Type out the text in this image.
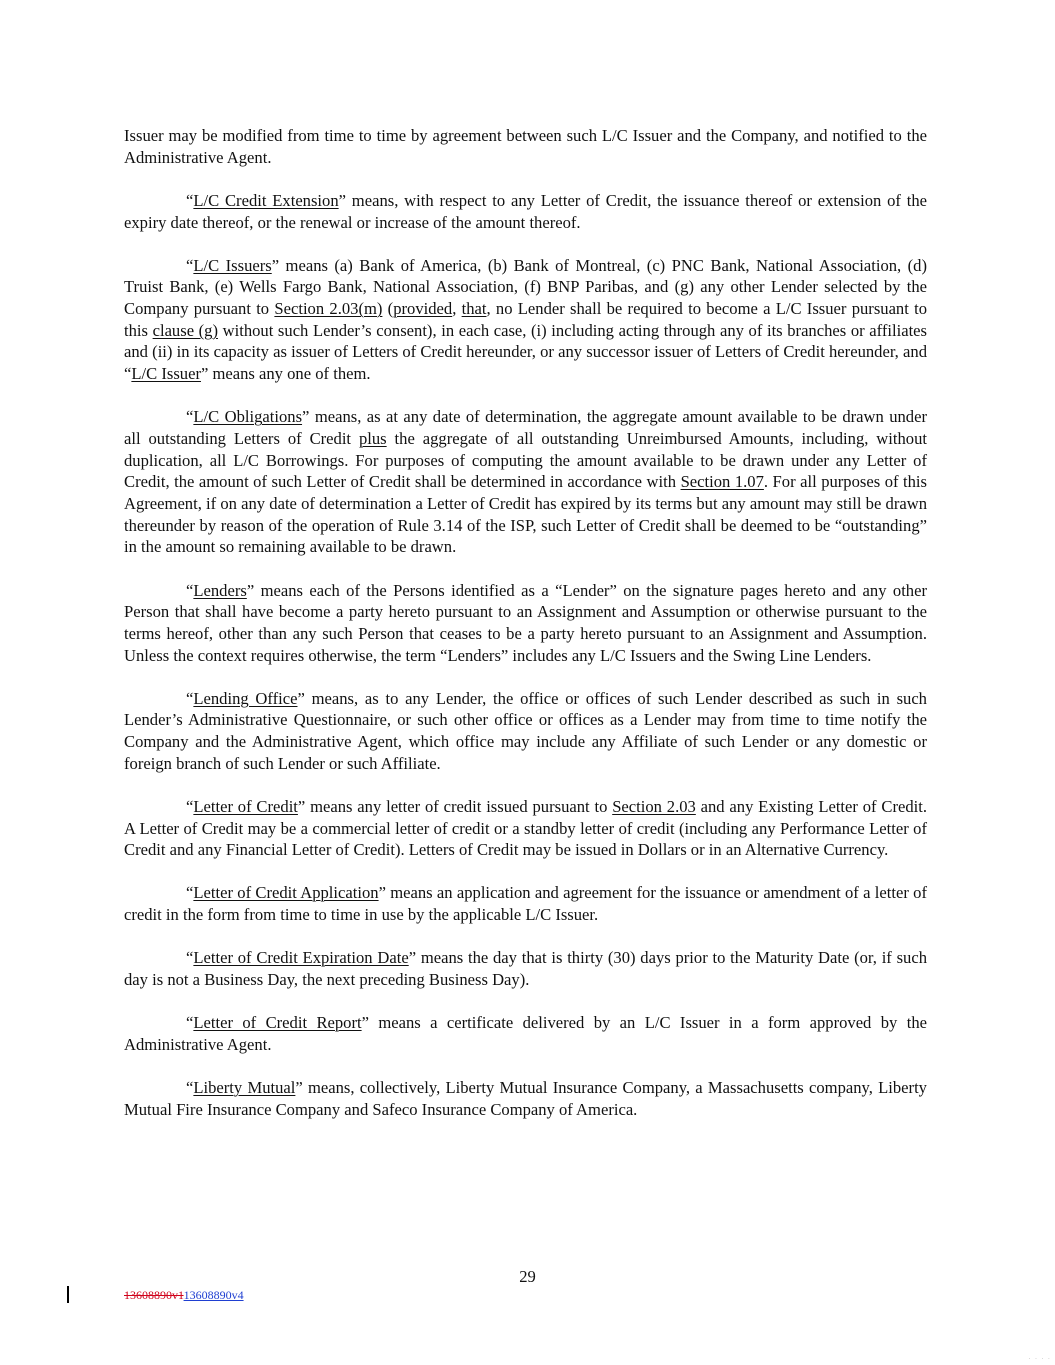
Issuer may be modified from time to time by agreement between such L/C Issuer and the Company, and notified to the Administrative Agent.

“L/C Credit Extension” means, with respect to any Letter of Credit, the issuance thereof or extension of the expiry date thereof, or the renewal or increase of the amount thereof.

“L/C Issuers” means (a) Bank of America, (b) Bank of Montreal, (c) PNC Bank, National Association, (d) Truist Bank, (e) Wells Fargo Bank, National Association, (f) BNP Paribas, and (g) any other Lender selected by the Company pursuant to Section 2.03(m) (provided, that, no Lender shall be required to become a L/C Issuer pursuant to this clause (g) without such Lender’s consent), in each case, (i) including acting through any of its branches or affiliates and (ii) in its capacity as issuer of Letters of Credit hereunder, or any successor issuer of Letters of Credit hereunder, and “L/C Issuer” means any one of them.

“L/C Obligations” means, as at any date of determination, the aggregate amount available to be drawn under all outstanding Letters of Credit plus the aggregate of all outstanding Unreimbursed Amounts, including, without duplication, all L/C Borrowings. For purposes of computing the amount available to be drawn under any Letter of Credit, the amount of such Letter of Credit shall be determined in accordance with Section 1.07. For all purposes of this Agreement, if on any date of determination a Letter of Credit has expired by its terms but any amount may still be drawn thereunder by reason of the operation of Rule 3.14 of the ISP, such Letter of Credit shall be deemed to be “outstanding” in the amount so remaining available to be drawn.

“Lenders” means each of the Persons identified as a “Lender” on the signature pages hereto and any other Person that shall have become a party hereto pursuant to an Assignment and Assumption or otherwise pursuant to the terms hereof, other than any such Person that ceases to be a party hereto pursuant to an Assignment and Assumption. Unless the context requires otherwise, the term “Lenders” includes any L/C Issuers and the Swing Line Lenders.

“Lending Office” means, as to any Lender, the office or offices of such Lender described as such in such Lender’s Administrative Questionnaire, or such other office or offices as a Lender may from time to time notify the Company and the Administrative Agent, which office may include any Affiliate of such Lender or any domestic or foreign branch of such Lender or such Affiliate.

“Letter of Credit” means any letter of credit issued pursuant to Section 2.03 and any Existing Letter of Credit. A Letter of Credit may be a commercial letter of credit or a standby letter of credit (including any Performance Letter of Credit and any Financial Letter of Credit). Letters of Credit may be issued in Dollars or in an Alternative Currency.

“Letter of Credit Application” means an application and agreement for the issuance or amendment of a letter of credit in the form from time to time in use by the applicable L/C Issuer.

“Letter of Credit Expiration Date” means the day that is thirty (30) days prior to the Maturity Date (or, if such day is not a Business Day, the next preceding Business Day).

“Letter of Credit Report” means a certificate delivered by an L/C Issuer in a form approved by the Administrative Agent.

“Liberty Mutual” means, collectively, Liberty Mutual Insurance Company, a Massachusetts company, Liberty Mutual Fire Insurance Company and Safeco Insurance Company of America.

29
13608890v113608890v4
· · · ·
